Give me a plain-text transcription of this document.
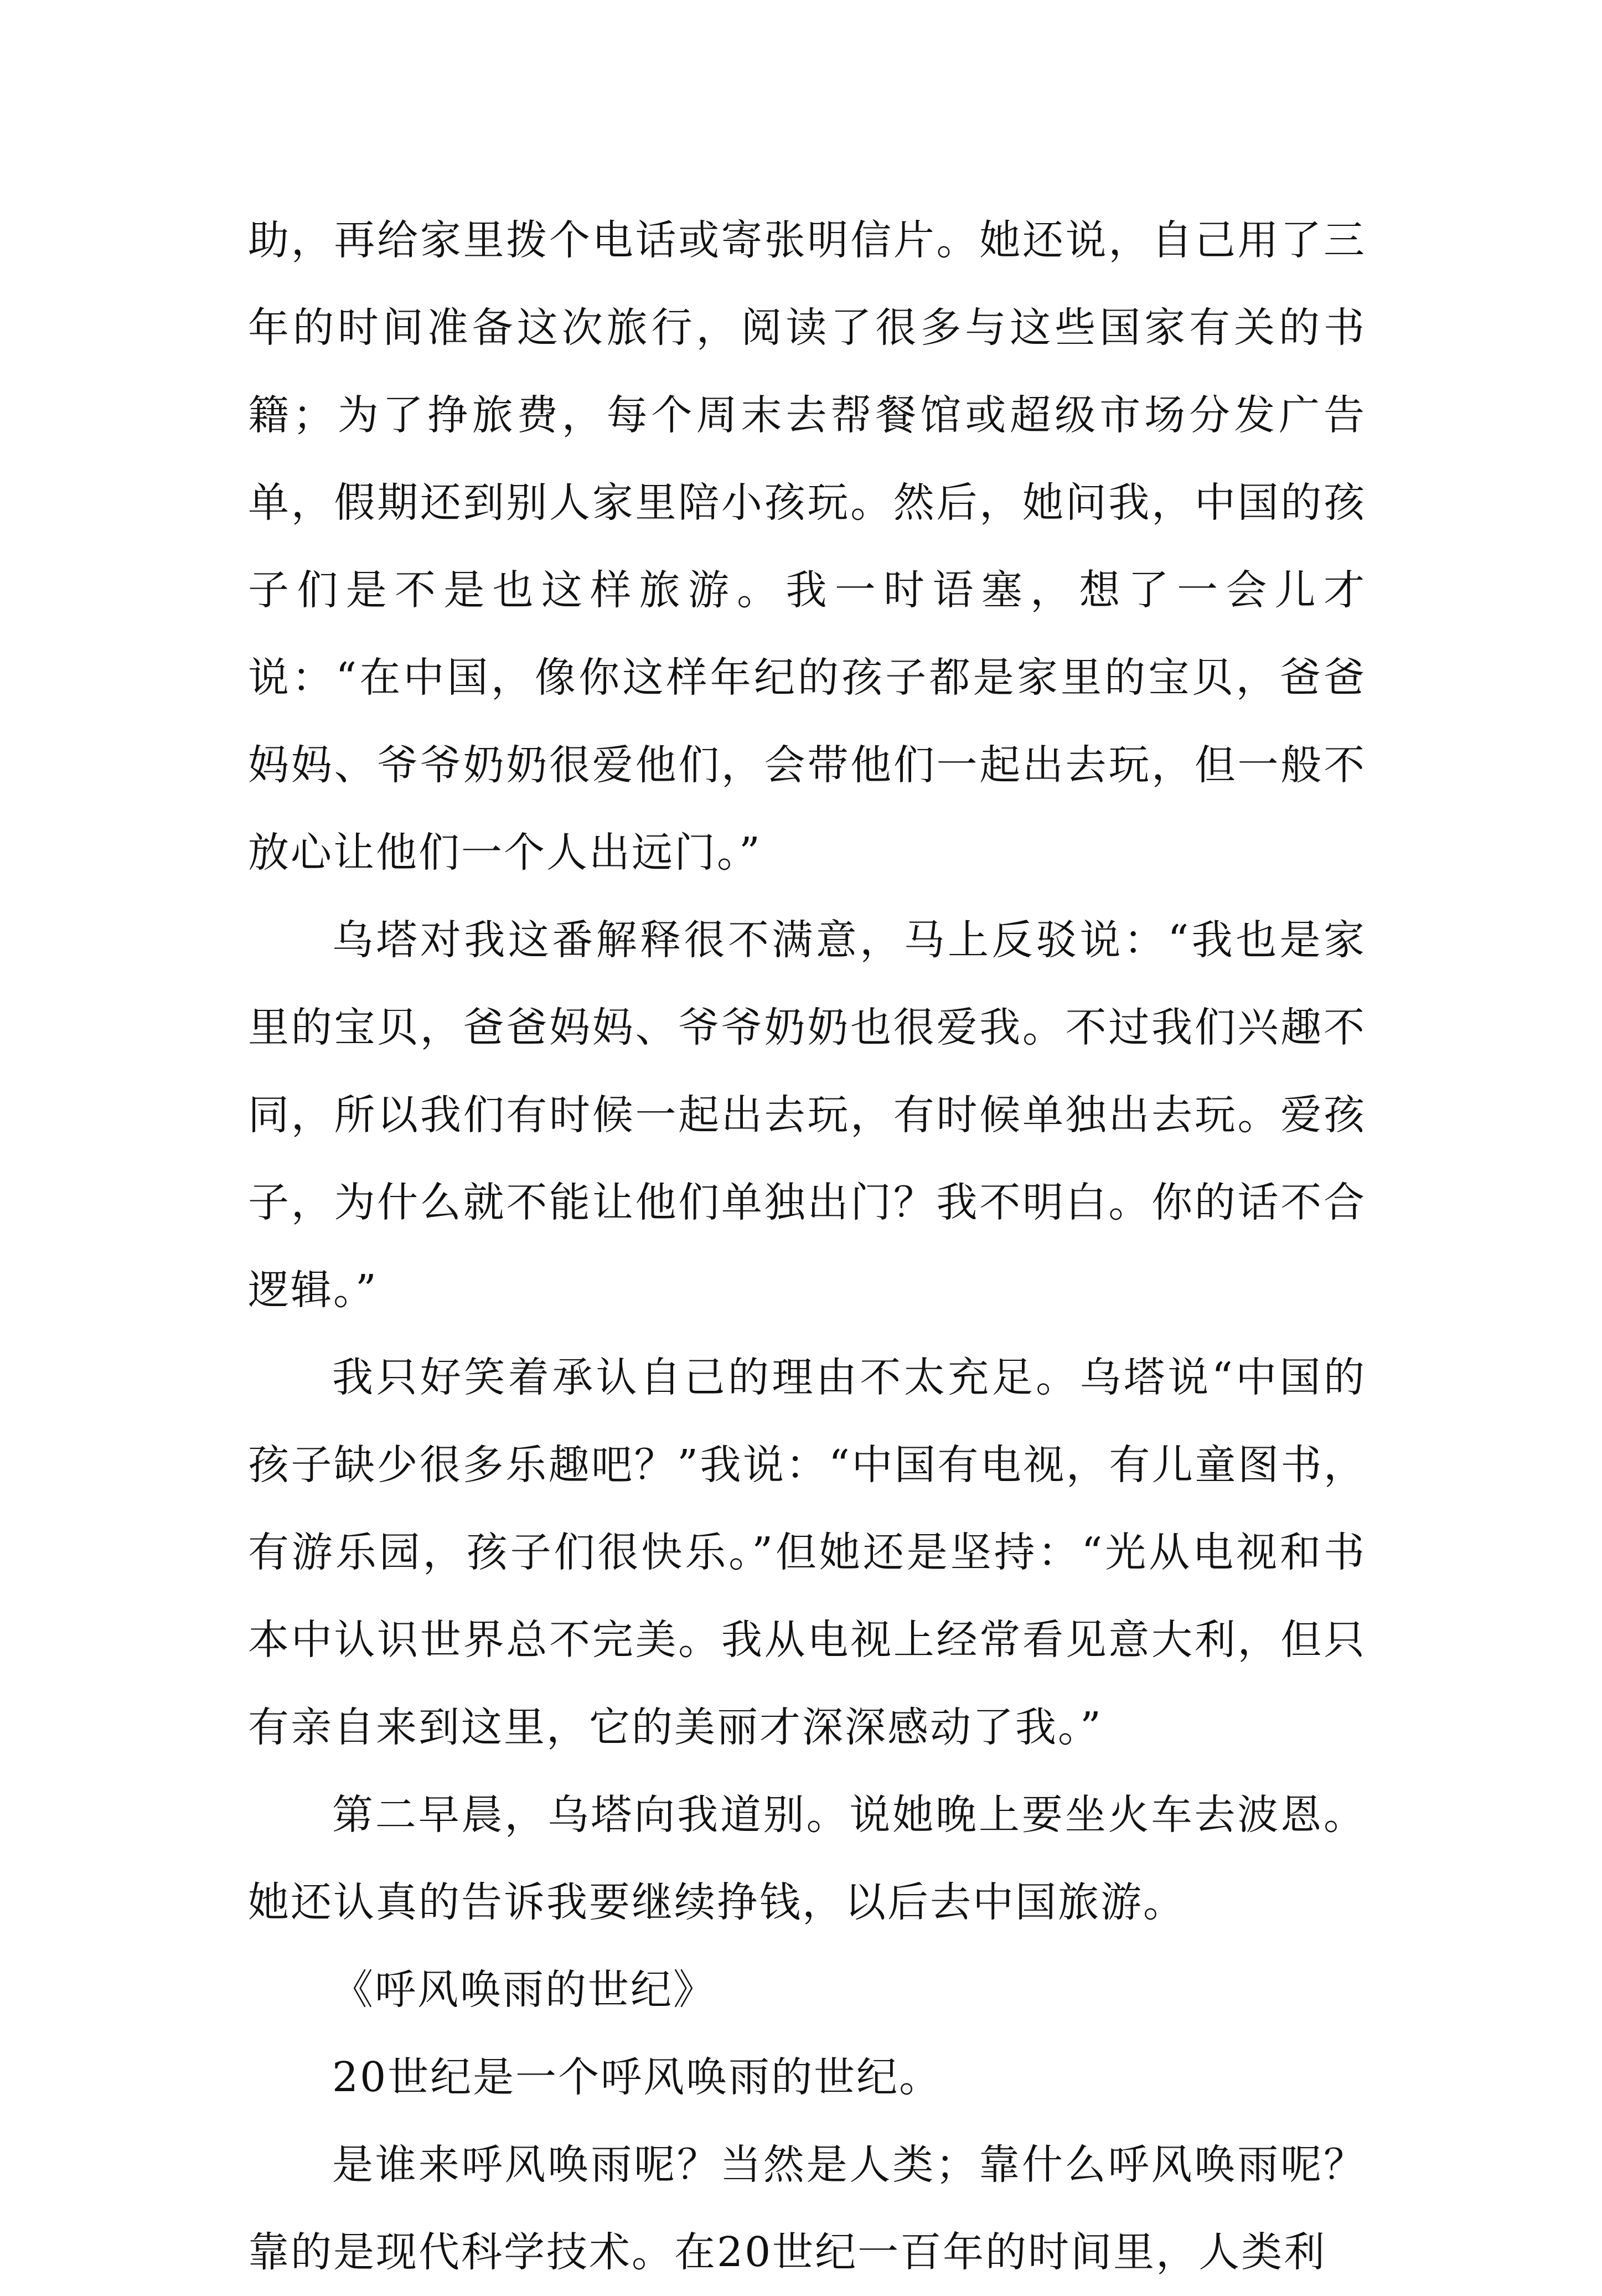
助，再给家里拨个电话或寄张明信片。她还说，自己用了三年的时间准备这次旅行，阅读了很多与这些国家有关的书籍；为了挣旅费，每个周末去帮餐馆或超级市场分发广告单，假期还到别人家里陪小孩玩。然后，她问我，中国的孩子们是不是也这样旅游。我一时语塞，想了一会儿才说：“在中国，像你这样年纪的孩子都是家里的宝贝，爸爸妈妈、爷爷奶奶很爱他们，会带他们一起出去玩，但一般不放心让他们一个人出远门。”

乌塔对我这番解释很不满意，马上反驳说：“我也是家里的宝贝，爸爸妈妈、爷爷奶奶也很爱我。不过我们兴趣不同，所以我们有时候一起出去玩，有时候单独出去玩。爱孩子，为什么就不能让他们单独出门？我不明白。你的话不合逻辑。”

我只好笑着承认自己的理由不太充足。乌塔说“中国的孩子缺少很多乐趣吧？”我说：“中国有电视，有儿童图书，有游乐园，孩子们很快乐。”但她还是坚持：“光从电视和书本中认识世界总不完美。我从电视上经常看见意大利，但只有亲自来到这里，它的美丽才深深感动了我。”

第二早晨，乌塔向我道别。说她晚上要坐火车去波恩。她还认真的告诉我要继续挣钱，以后去中国旅游。

《呼风唤雨的世纪》

20世纪是一个呼风唤雨的世纪。

是谁来呼风唤雨呢？当然是人类；靠什么呼风唤雨呢？靠的是现代科学技术。在20世纪一百年的时间里，人类利
